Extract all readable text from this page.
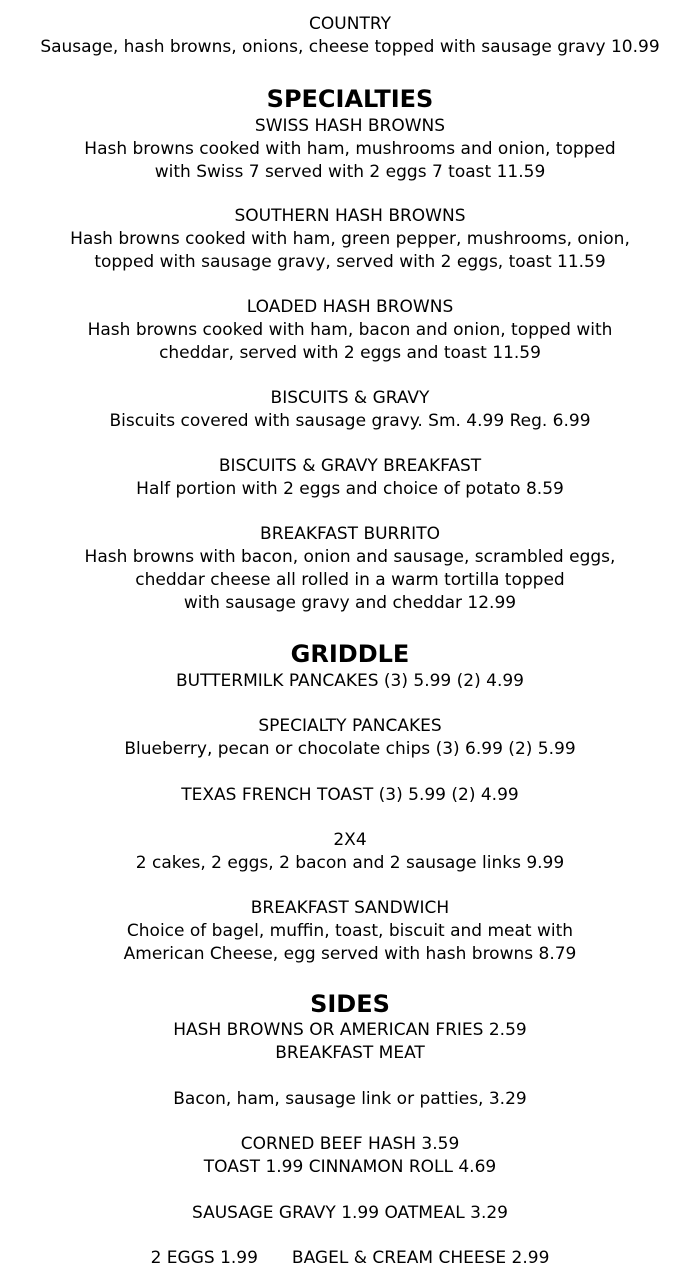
COUNTRY
Sausage, hash browns, onions, cheese topped with sausage gravy 10.99
SPECIALTIES
SWISS HASH BROWNS
Hash browns cooked with ham, mushrooms and onion, topped
with Swiss 7 served with 2 eggs 7 toast 11.59
SOUTHERN HASH BROWNS
Hash browns cooked with ham, green pepper, mushrooms, onion,
topped with sausage gravy, served with 2 eggs, toast 11.59
LOADED HASH BROWNS
Hash browns cooked with ham, bacon and onion, topped with
cheddar, served with 2 eggs and toast 11.59
BISCUITS & GRAVY
Biscuits covered with sausage gravy. Sm. 4.99 Reg. 6.99
BISCUITS & GRAVY BREAKFAST
Half portion with 2 eggs and choice of potato 8.59
BREAKFAST BURRITO
Hash browns with bacon, onion and sausage, scrambled eggs,
cheddar cheese all rolled in a warm tortilla topped
with sausage gravy and cheddar 12.99
GRIDDLE
BUTTERMILK PANCAKES (3) 5.99 (2) 4.99
SPECIALTY PANCAKES
Blueberry, pecan or chocolate chips (3) 6.99 (2) 5.99
TEXAS FRENCH TOAST (3) 5.99 (2) 4.99
2X4
2 cakes, 2 eggs, 2 bacon and 2 sausage links 9.99
BREAKFAST SANDWICH
Choice of bagel, muffin, toast, biscuit and meat with
American Cheese, egg served with hash browns 8.79
SIDES
HASH BROWNS OR AMERICAN FRIES 2.59
BREAKFAST MEAT
Bacon, ham, sausage link or patties, 3.29
CORNED BEEF HASH 3.59
TOAST 1.99 CINNAMON ROLL 4.69
SAUSAGE GRAVY 1.99 OATMEAL 3.29
2 EGGS 1.99 BAGEL & CREAM CHEESE 2.99
